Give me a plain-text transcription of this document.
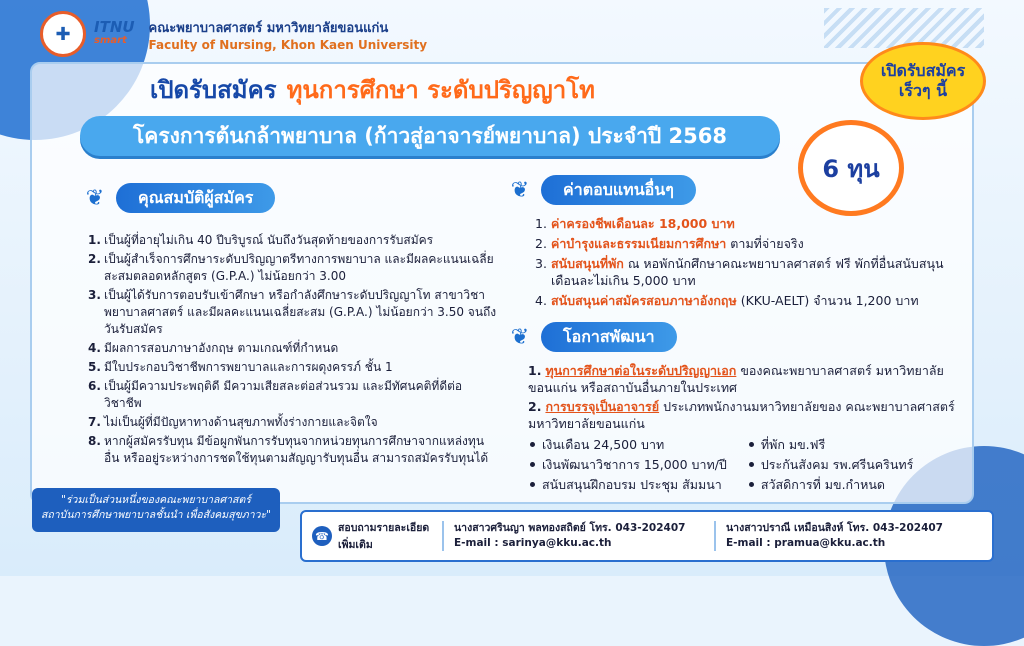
✚	ITNU
smart
คณะพยาบาลศาสตร์ มหาวิทยาลัยขอนแก่น
Faculty of Nursing, Khon Kaen University
เปิดรับสมัคร ทุนการศึกษา ระดับปริญญาโท
โครงการต้นกล้าพยาบาล (ก้าวสู่อาจารย์พยาบาล) ประจำปี 2568
เปิดรับสมัคร
เร็วๆ นี้
6 ทุน
❦	คุณสมบัติผู้สมัคร
1. เป็นผู้ที่อายุไม่เกิน 40 ปีบริบูรณ์ นับถึงวันสุดท้ายของการรับสมัคร
2. เป็นผู้สำเร็จการศึกษาระดับปริญญาตรีทางการพยาบาล และมีผลคะแนนเฉลี่ยสะสมตลอดหลักสูตร (G.P.A.) ไม่น้อยกว่า 3.00
3. เป็นผู้ได้รับการตอบรับเข้าศึกษา หรือกำลังศึกษาระดับปริญญาโท สาขาวิชาพยาบาลศาสตร์ และมีผลคะแนนเฉลี่ยสะสม (G.P.A.) ไม่น้อยกว่า 3.50 จนถึงวันรับสมัคร
4. มีผลการสอบภาษาอังกฤษ ตามเกณฑ์ที่กำหนด
5. มีใบประกอบวิชาชีพการพยาบาลและการผดุงครรภ์ ชั้น 1
6. เป็นผู้มีความประพฤติดี มีความเสียสละต่อส่วนรวม และมีทัศนคติที่ดีต่อวิชาชีพ
7. ไม่เป็นผู้ที่มีปัญหาทางด้านสุขภาพทั้งร่างกายและจิตใจ
8. หากผู้สมัครรับทุน มีข้อผูกพันการรับทุนจากหน่วยทุนการศึกษาจากแหล่งทุนอื่น หรืออยู่ระหว่างการชดใช้ทุนตามสัญญารับทุนอื่น สามารถสมัครรับทุนได้
❦	ค่าตอบแทนอื่นๆ
1. ค่าครองชีพเดือนละ 18,000 บาท
2. ค่าบำรุงและธรรมเนียมการศึกษา ตามที่จ่ายจริง
3. สนับสนุนที่พัก ณ หอพักนักศึกษาคณะพยาบาลศาสตร์ ฟรี พักที่อื่นสนับสนุนเดือนละไม่เกิน 5,000 บาท
4. สนับสนุนค่าสมัครสอบภาษาอังกฤษ (KKU-AELT) จำนวน 1,200 บาท
❦	โอกาสพัฒนา

1. ทุนการศึกษาต่อในระดับปริญญาเอก ของคณะพยาบาลศาสตร์ มหาวิทยาลัยขอนแก่น หรือสถาบันอื่นภายในประเทศ

2. การบรรจุเป็นอาจารย์ ประเภทพนักงานมหาวิทยาลัยของ คณะพยาบาลศาสตร์ มหาวิทยาลัยขอนแก่น

เงินเดือน 24,500 บาท
เงินพัฒนาวิชาการ 15,000 บาท/ปี
สนับสนุนฝึกอบรม ประชุม สัมมนา
ที่พัก มข.ฟรี
ประกันสังคม รพ.ศรีนครินทร์
สวัสดิการที่ มข.กำหนด
"ร่วมเป็นส่วนหนึ่งของคณะพยาบาลศาสตร์
สถาบันการศึกษาพยาบาลชั้นนำ เพื่อสังคมสุขภาวะ"
☎
สอบถามรายละเอียด
เพิ่มเติม
นางสาวศรินญา พลทองสถิตย์ โทร. 043-202407
E-mail : sarinya@kku.ac.th
นางสาวปราณี เหมือนสิงห์ โทร. 043-202407
E-mail : pramua@kku.ac.th
